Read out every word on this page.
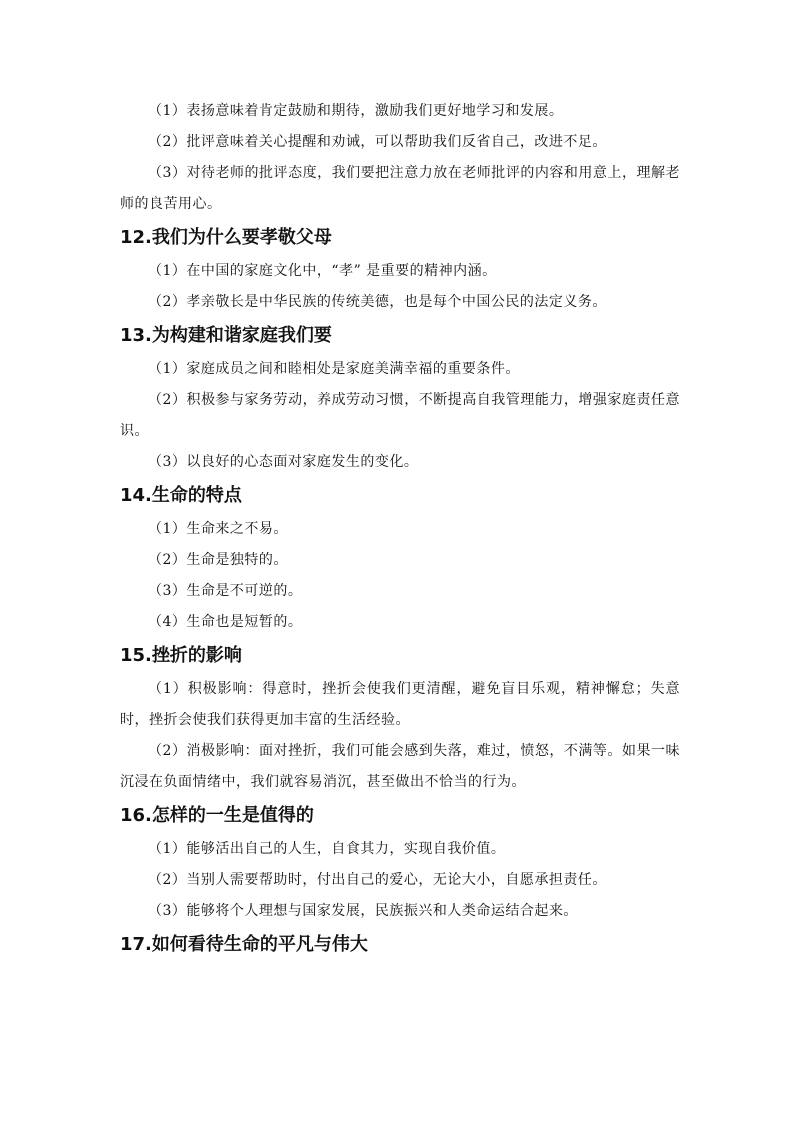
（1）表扬意味着肯定鼓励和期待，激励我们更好地学习和发展。

（2）批评意味着关心提醒和劝诫，可以帮助我们反省自己，改进不足。

（3）对待老师的批评态度，我们要把注意力放在老师批评的内容和用意上，理解老师的良苦用心。

12.我们为什么要孝敬父母

（1）在中国的家庭文化中，“孝” 是重要的精神内涵。

（2）孝亲敬长是中华民族的传统美德，也是每个中国公民的法定义务。

13.为构建和谐家庭我们要

（1）家庭成员之间和睦相处是家庭美满幸福的重要条件。

（2）积极参与家务劳动，养成劳动习惯，不断提高自我管理能力，增强家庭责任意识。

（3）以良好的心态面对家庭发生的变化。

14.生命的特点

（1）生命来之不易。

（2）生命是独特的。

（3）生命是不可逆的。

（4）生命也是短暂的。

15.挫折的影响

（1）积极影响：得意时，挫折会使我们更清醒，避免盲目乐观，精神懈怠；失意时，挫折会使我们获得更加丰富的生活经验。

（2）消极影响：面对挫折，我们可能会感到失落，难过，愤怒，不满等。如果一味沉浸在负面情绪中，我们就容易消沉，甚至做出不恰当的行为。

16.怎样的一生是值得的

（1）能够活出自己的人生，自食其力，实现自我价值。

（2）当别人需要帮助时，付出自己的爱心，无论大小，自愿承担责任。

（3）能够将个人理想与国家发展，民族振兴和人类命运结合起来。

17.如何看待生命的平凡与伟大
